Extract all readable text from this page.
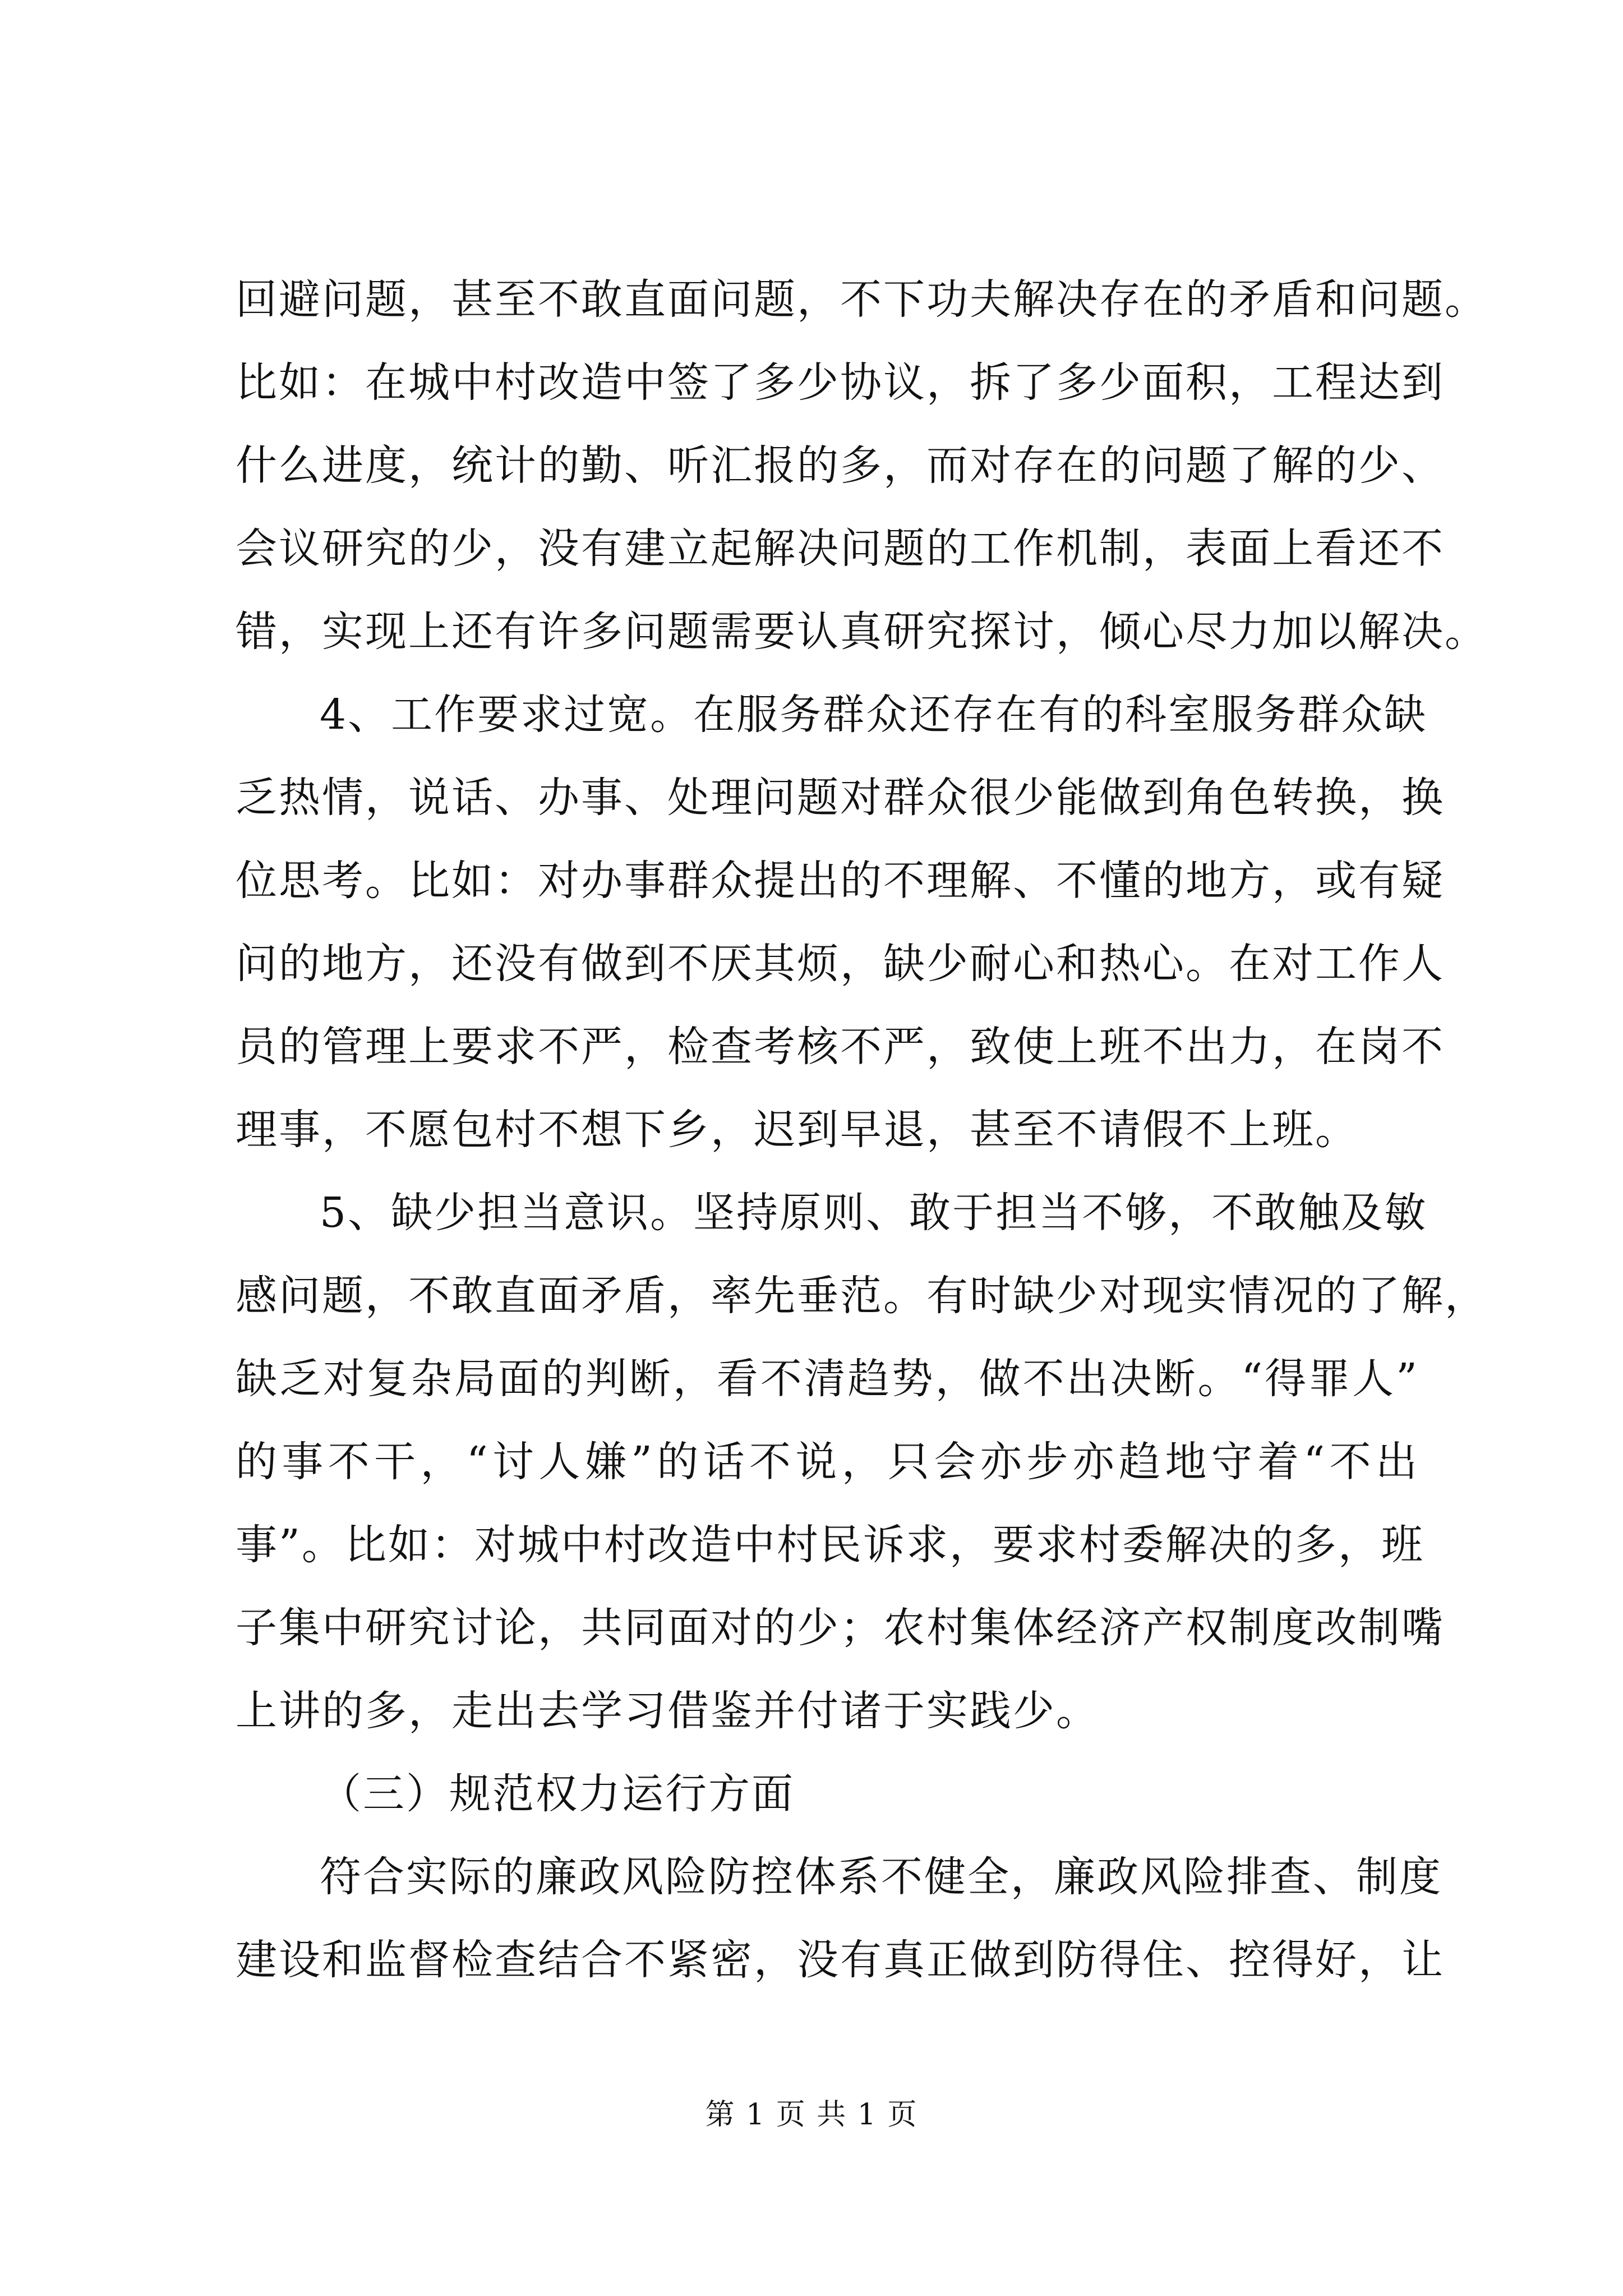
回避问题，甚至不敢直面问题，不下功夫解决存在的矛盾和问题。
比如：在城中村改造中签了多少协议，拆了多少面积，工程达到
什么进度，统计的勤、听汇报的多，而对存在的问题了解的少、
会议研究的少，没有建立起解决问题的工作机制，表面上看还不
错，实现上还有许多问题需要认真研究探讨，倾心尽力加以解决。
4、工作要求过宽。在服务群众还存在有的科室服务群众缺
乏热情，说话、办事、处理问题对群众很少能做到角色转换，换
位思考。比如：对办事群众提出的不理解、不懂的地方，或有疑
问的地方，还没有做到不厌其烦，缺少耐心和热心。在对工作人
员的管理上要求不严，检查考核不严，致使上班不出力，在岗不
理事，不愿包村不想下乡，迟到早退，甚至不请假不上班。
5、缺少担当意识。坚持原则、敢于担当不够，不敢触及敏
感问题，不敢直面矛盾，率先垂范。有时缺少对现实情况的了解，
缺乏对复杂局面的判断，看不清趋势，做不出决断。“得罪人”
的事不干，“讨人嫌”的话不说，只会亦步亦趋地守着“不出
事”。比如：对城中村改造中村民诉求，要求村委解决的多，班
子集中研究讨论，共同面对的少；农村集体经济产权制度改制嘴
上讲的多，走出去学习借鉴并付诸于实践少。
（三）规范权力运行方面
符合实际的廉政风险防控体系不健全，廉政风险排查、制度
建设和监督检查结合不紧密，没有真正做到防得住、控得好，让
第 1 页 共 1 页
